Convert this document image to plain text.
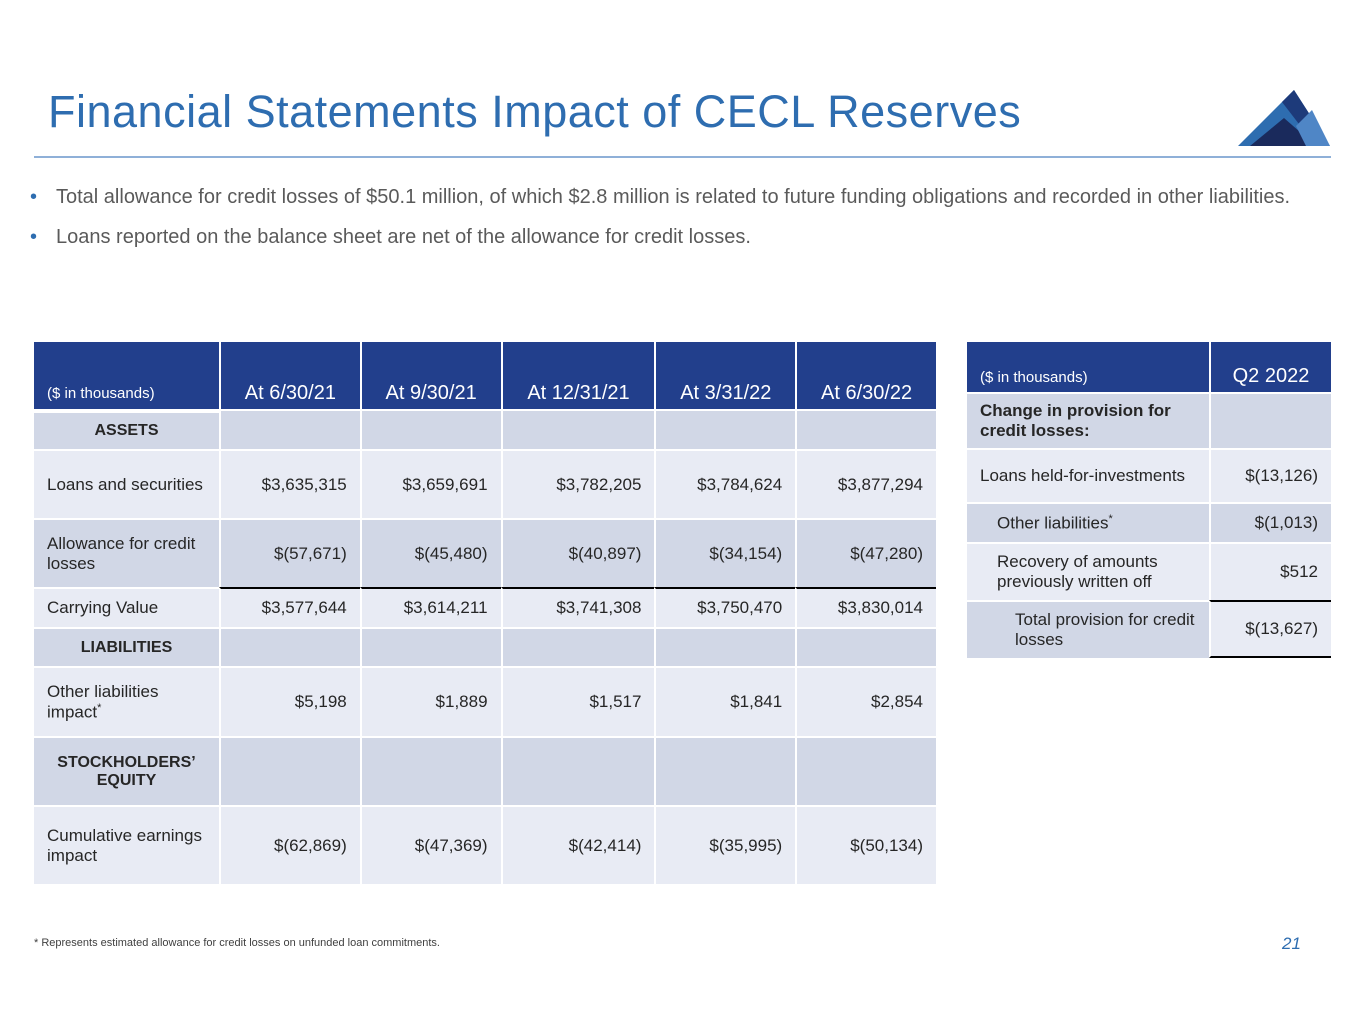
Financial Statements Impact of CECL Reserves
• Total allowance for credit losses of $50.1 million, of which $2.8 million is related to future funding obligations and recorded in other liabilities.
• Loans reported on the balance sheet are net of the allowance for credit losses.
($ in thousands)	At 6/30/21	At 9/30/21	At 12/31/21	At 3/31/22	At 6/30/22
ASSETS					
Loans and securities	$3,635,315	$3,659,691	$3,782,205	$3,784,624	$3,877,294
Allowance for credit losses	$(57,671)	$(45,480)	$(40,897)	$(34,154)	$(47,280)
Carrying Value	$3,577,644	$3,614,211	$3,741,308	$3,750,470	$3,830,014
LIABILITIES					
Other liabilities impact*	$5,198	$1,889	$1,517	$1,841	$2,854
STOCKHOLDERS’ EQUITY					
Cumulative earnings impact	$(62,869)	$(47,369)	$(42,414)	$(35,995)	$(50,134)
($ in thousands)	Q2 2022
Change in provision for credit losses:	
Loans held-for-investments	$(13,126)
Other liabilities*	$(1,013)
Recovery of amounts previously written off	$512
Total provision for credit losses	$(13,627)
* Represents estimated allowance for credit losses on unfunded loan commitments.	21
